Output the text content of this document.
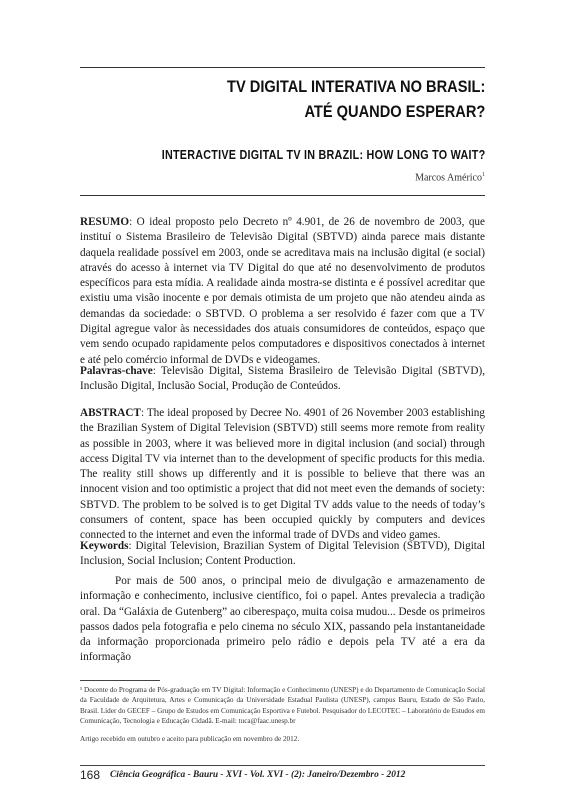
TV DIGITAL INTERATIVA NO BRASIL:
ATÉ QUANDO ESPERAR?
INTERACTIVE DIGITAL TV IN BRAZIL: HOW LONG TO WAIT?
Marcos Américo$^1$
RESUMO: O ideal proposto pelo Decreto nº 4.901, de 26 de novembro de 2003, que instituí o Sistema Brasileiro de Televisão Digital (SBTVD) ainda parece mais distante daquela realidade possível em 2003, onde se acreditava mais na inclusão digital (e social) através do acesso à internet via TV Digital do que até no desenvolvimento de produtos específicos para esta mídia. A realidade ainda mostra-se distinta e é possível acreditar que existiu uma visão inocente e por demais otimista de um projeto que não atendeu ainda as demandas da sociedade: o SBTVD. O problema a ser resolvido é fazer com que a TV Digital agregue valor às necessidades dos atuais consumidores de conteúdos, espaço que vem sendo ocupado rapidamente pelos computadores e dispositivos conectados à internet e até pelo comércio informal de DVDs e videogames.
Palavras-chave: Televisão Digital, Sistema Brasileiro de Televisão Digital (SBTVD), Inclusão Digital, Inclusão Social, Produção de Conteúdos.
ABSTRACT: The ideal proposed by Decree No. 4901 of 26 November 2003 establishing the Brazilian System of Digital Television (SBTVD) still seems more remote from reality as possible in 2003, where it was believed more in digital inclusion (and social) through access Digital TV via internet than to the development of specific products for this media. The reality still shows up differently and it is possible to believe that there was an innocent vision and too optimistic a project that did not meet even the demands of society: SBTVD. The problem to be solved is to get Digital TV adds value to the needs of today’s consumers of content, space has been occupied quickly by computers and devices connected to the internet and even the informal trade of DVDs and video games.
Keywords: Digital Television, Brazilian System of Digital Television (SBTVD), Digital Inclusion, Social Inclusion; Content Production.
Por mais de 500 anos, o principal meio de divulgação e armazenamento de informação e conhecimento, inclusive científico, foi o papel. Antes prevalecia a tradição oral. Da “Galáxia de Gutenberg” ao ciberespaço, muita coisa mudou... Desde os primeiros passos dados pela fotografia e pelo cinema no século XIX, passando pela instantaneidade da informação proporcionada primeiro pelo rádio e depois pela TV até a era da informação
¹ Docente do Programa de Pós-graduação em TV Digital: Informação e Conhecimento (UNESP) e do Departamento de Comunicação Social da Faculdade de Arquitetura, Artes e Comunicação da Universidade Estadual Paulista (UNESP), campus Bauru, Estado de São Paulo, Brasil. Líder do GECEF – Grupo de Estudos em Comunicação Esportiva e Futebol. Pesquisador do LECOTEC – Laboratório de Estudos em Comunicação, Tecnologia e Educação Cidadã. E-mail: tuca@faac.unesp.br
Artigo recebido em outubro e aceito para publicação em novembro de 2012.
168 Ciência Geográfica - Bauru - XVI - Vol. XVI - (2): Janeiro/Dezembro - 2012
